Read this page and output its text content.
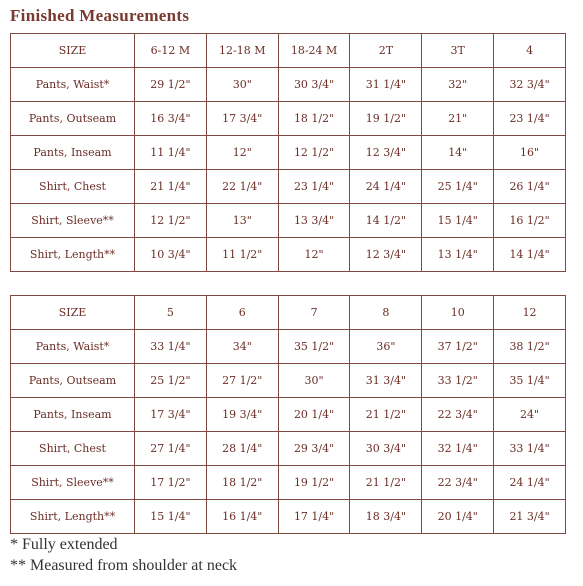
Finished Measurements
SIZE	6-12 M	12-18 M	18-24 M	2T	3T	4
Pants, Waist*	29 1/2"	30"	30 3/4"	31 1/4"	32"	32 3/4"
Pants, Outseam	16 3/4"	17 3/4"	18 1/2"	19 1/2"	21"	23 1/4"
Pants, Inseam	11 1/4"	12"	12 1/2"	12 3/4"	14"	16"
Shirt, Chest	21 1/4"	22 1/4"	23 1/4"	24 1/4"	25 1/4"	26 1/4"
Shirt, Sleeve**	12 1/2"	13"	13 3/4"	14 1/2"	15 1/4"	16 1/2"
Shirt, Length**	10 3/4"	11 1/2"	12"	12 3/4"	13 1/4"	14 1/4"
SIZE	5	6	7	8	10	12
Pants, Waist*	33 1/4"	34"	35 1/2"	36"	37 1/2"	38 1/2"
Pants, Outseam	25 1/2"	27 1/2"	30"	31 3/4"	33 1/2"	35 1/4"
Pants, Inseam	17 3/4"	19 3/4"	20 1/4"	21 1/2"	22 3/4"	24"
Shirt, Chest	27 1/4"	28 1/4"	29 3/4"	30 3/4"	32 1/4"	33 1/4"
Shirt, Sleeve**	17 1/2"	18 1/2"	19 1/2"	21 1/2"	22 3/4"	24 1/4"
Shirt, Length**	15 1/4"	16 1/4"	17 1/4"	18 3/4"	20 1/4"	21 3/4"
* Fully extended
** Measured from shoulder at neck
